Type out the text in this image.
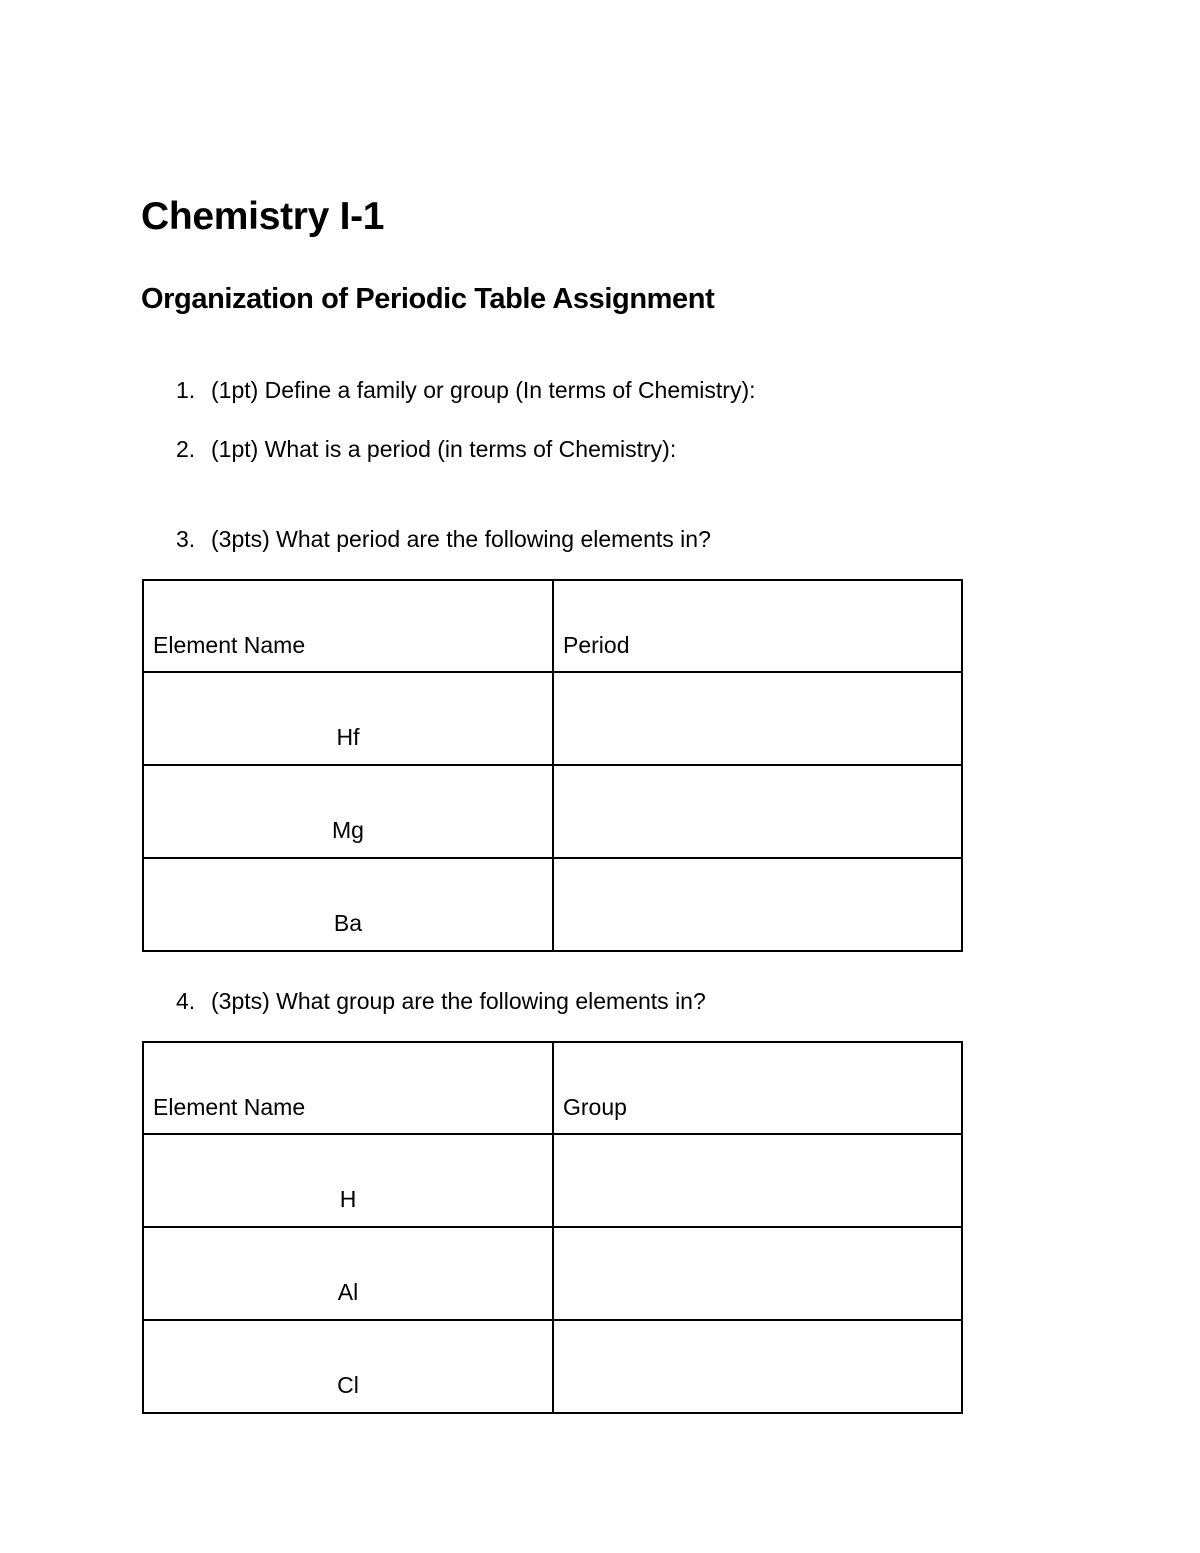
Chemistry I-1
Organization of Periodic Table Assignment
1. (1pt) Define a family or group (In terms of Chemistry):
2. (1pt) What is a period (in terms of Chemistry):
3. (3pts) What period are the following elements in?
Element Name	Period
Hf	
Mg	
Ba	
4. (3pts) What group are the following elements in?
Element Name	Group
H	
Al	
Cl	
